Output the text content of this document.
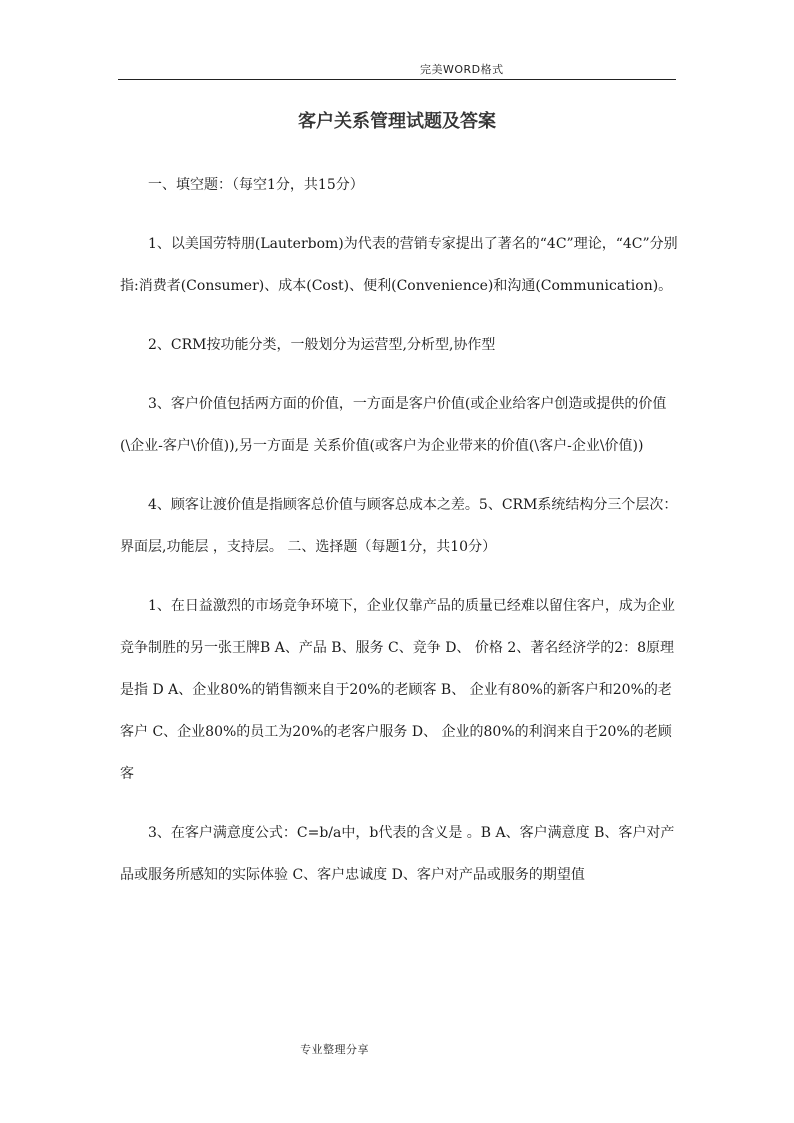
完美WORD格式
客户关系管理试题及答案

一、填空题：（每空1分，共15分）

1、以美国劳特朋(Lauterbom)为代表的营销专家提出了著名的“4C”理论，“4C”分别指:消费者(Consumer)、成本(Cost)、便利(Convenience)和沟通(Communication)。

2、CRM按功能分类，一般划分为运营型,分析型,协作型

3、客户价值包括两方面的价值，一方面是客户价值(或企业给客户创造或提供的价值(\企业-客户\价值)),另一方面是 关系价值(或客户为企业带来的价值(\客户-企业\价值))

4、顾客让渡价值是指顾客总价值与顾客总成本之差。5、CRM系统结构分三个层次：界面层,功能层 ，支持层。 二、选择题（每题1分，共10分）

1、在日益激烈的市场竞争环境下，企业仅靠产品的质量已经难以留住客户，成为企业竞争制胜的另一张王牌B A、产品 B、服务 C、竞争 D、 价格 2、著名经济学的2：8原理是指 D A、企业80%的销售额来自于20%的老顾客 B、 企业有80%的新客户和20%的老客户 C、企业80%的员工为20%的老客户服务 D、 企业的80%的利润来自于20%的老顾客

3、在客户满意度公式：C=b/a中，b代表的含义是 。B A、客户满意度 B、客户对产品或服务所感知的实际体验 C、客户忠诚度 D、客户对产品或服务的期望值

专业整理分享
